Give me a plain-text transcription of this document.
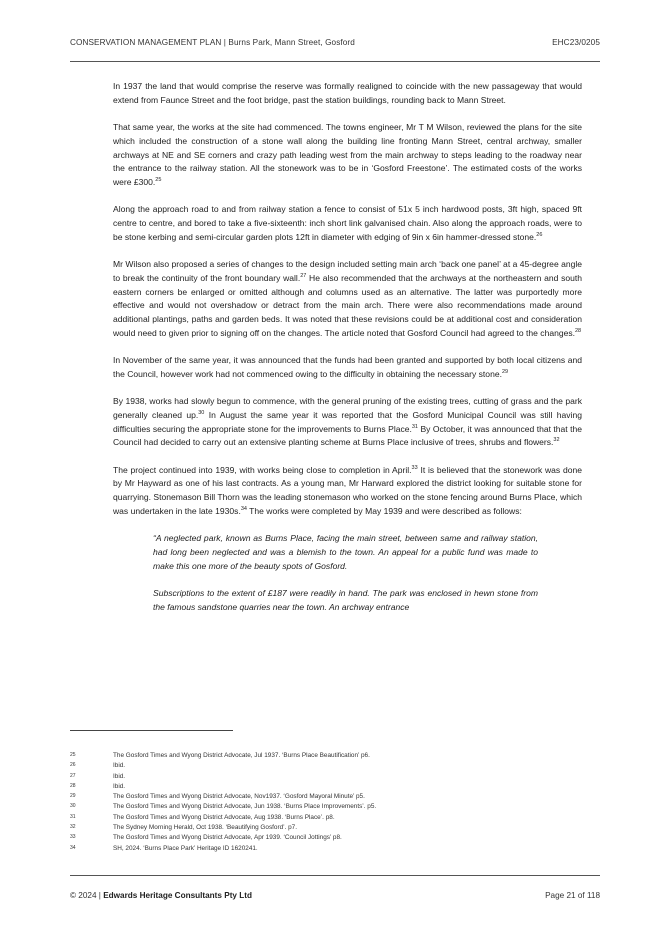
CONSERVATION MANAGEMENT PLAN | Burns Park, Mann Street, Gosford	EHC23/0205

In 1937 the land that would comprise the reserve was formally realigned to coincide with the new passageway that would extend from Faunce Street and the foot bridge, past the station buildings, rounding back to Mann Street.

That same year, the works at the site had commenced. The towns engineer, Mr T M Wilson, reviewed the plans for the site which included the construction of a stone wall along the building line fronting Mann Street, central archway, smaller archways at NE and SE corners and crazy path leading west from the main archway to steps leading to the roadway near the entrance to the railway station. All the stonework was to be in ‘Gosford Freestone’. The estimated costs of the works were £300.25

Along the approach road to and from railway station a fence to consist of 51x 5 inch hardwood posts, 3ft high, spaced 9ft centre to centre, and bored to take a five-sixteenth: inch short link galvanised chain. Also along the approach roads, were to be stone kerbing and semi-circular garden plots 12ft in diameter with edging of 9in x 6in hammer-dressed stone.$^{26}$

Mr Wilson also proposed a series of changes to the design included setting main arch ‘back one panel’ at a 45-degree angle to break the continuity of the front boundary wall.$^{27}$ He also recommended that the archways at the northeastern and south eastern corners be enlarged or omitted although and columns used as an alternative. The latter was purportedly more effective and would not overshadow or detract from the main arch. There were also recommendations made around additional plantings, paths and garden beds. It was noted that these revisions could be at additional cost and consideration would need to given prior to signing off on the changes. The article noted that Gosford Council had agreed to the changes.$^{28}$

In November of the same year, it was announced that the funds had been granted and supported by both local citizens and the Council, however work had not commenced owing to the difficulty in obtaining the necessary stone.$^{29}$

By 1938, works had slowly begun to commence, with the general pruning of the existing trees, cutting of grass and the park generally cleaned up.$^{30}$ In August the same year it was reported that the Gosford Municipal Council was still having difficulties securing the appropriate stone for the improvements to Burns Place.$^{31}$ By October, it was announced that that the Council had decided to carry out an extensive planting scheme at Burns Place inclusive of trees, shrubs and flowers.$^{32}$

The project continued into 1939, with works being close to completion in April.$^{33}$ It is believed that the stonework was done by Mr Hayward as one of his last contracts. As a young man, Mr Harward explored the district looking for suitable stone for quarrying. Stonemason Bill Thorn was the leading stonemason who worked on the stone fencing around Burns Place, which was undertaken in the late 1930s.$^{34}$ The works were completed by May 1939 and were described as follows:

“A neglected park, known as Burns Place, facing the main street, between same and railway station, had long been neglected and was a blemish to the town. An appeal for a public fund was made to make this one more of the beauty spots of Gosford.

Subscriptions to the extent of £187 were readily in hand. The park was enclosed in hewn stone from the famous sandstone quarries near the town. An archway entrance

25	The Gosford Times and Wyong District Advocate, Jul 1937. ‘Burns Place Beautification’ p6.
26	Ibid.
27	Ibid.
28	Ibid.
29	The Gosford Times and Wyong District Advocate, Nov1937. ‘Gosford Mayoral Minute’ p5.
30	The Gosford Times and Wyong District Advocate, Jun 1938. ‘Burns Place Improvements’. p5.
31	The Gosford Times and Wyong District Advocate, Aug 1938. ‘Burns Place’. p8.
32	The Sydney Morning Herald, Oct 1938. ‘Beautifying Gosford’. p7.
33	The Gosford Times and Wyong District Advocate, Apr 1939. ‘Council Jottings’ p8.
34	SH, 2024. ‘Burns Place Park’ Heritage ID 1620241.
© 2024 | Edwards Heritage Consultants Pty Ltd	Page 21 of 118
